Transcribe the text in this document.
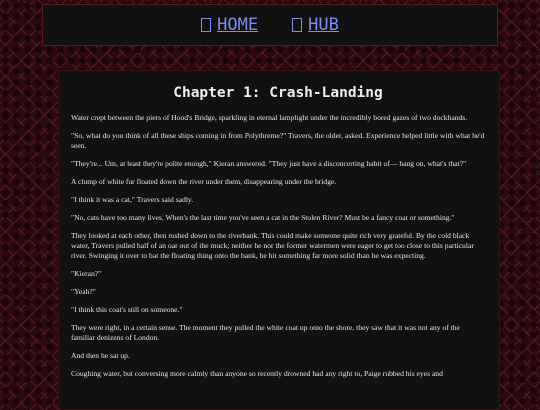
HOME	HUB
Chapter 1: Crash-Landing

Water crept between the piers of Hood's Bridge, sparkling in eternal lamplight under the incredibly bored gazes of two dockhands.

"So, what do you think of all these ships coming in from Polythreme?" Travers, the older, asked. Experience helped little with what he'd seen.

"They're... Um, at least they're polite enough," Kieran answered. "They just have a disconcerting habit of— hang on, what's that?"

A clump of white fur floated down the river under them, disappearing under the bridge.

"I think it was a cat," Travers said sadly.

"No, cats have too many lives. When's the last time you've seen a cat in the Stolen River? Must be a fancy coat or something."

They looked at each other, then rushed down to the riverbank. This could make someone quite rich very grateful. By the cold black water, Travers pulled half of an oar out of the muck; neither he nor the former watermen were eager to get too close to this particular river. Swinging it over to bat the floating thing onto the bank, he hit something far more solid than he was expecting.

"Kieran?"

"Yeah?"

"I think this coat's still on someone."

They were right, in a certain sense. The moment they pulled the white coat up onto the shore, they saw that it was not any of the familiar denizens of London.

And then he sat up.

Coughing water, but conversing more calmly than anyone so recently drowned had any right to, Paige rubbed his eyes and
